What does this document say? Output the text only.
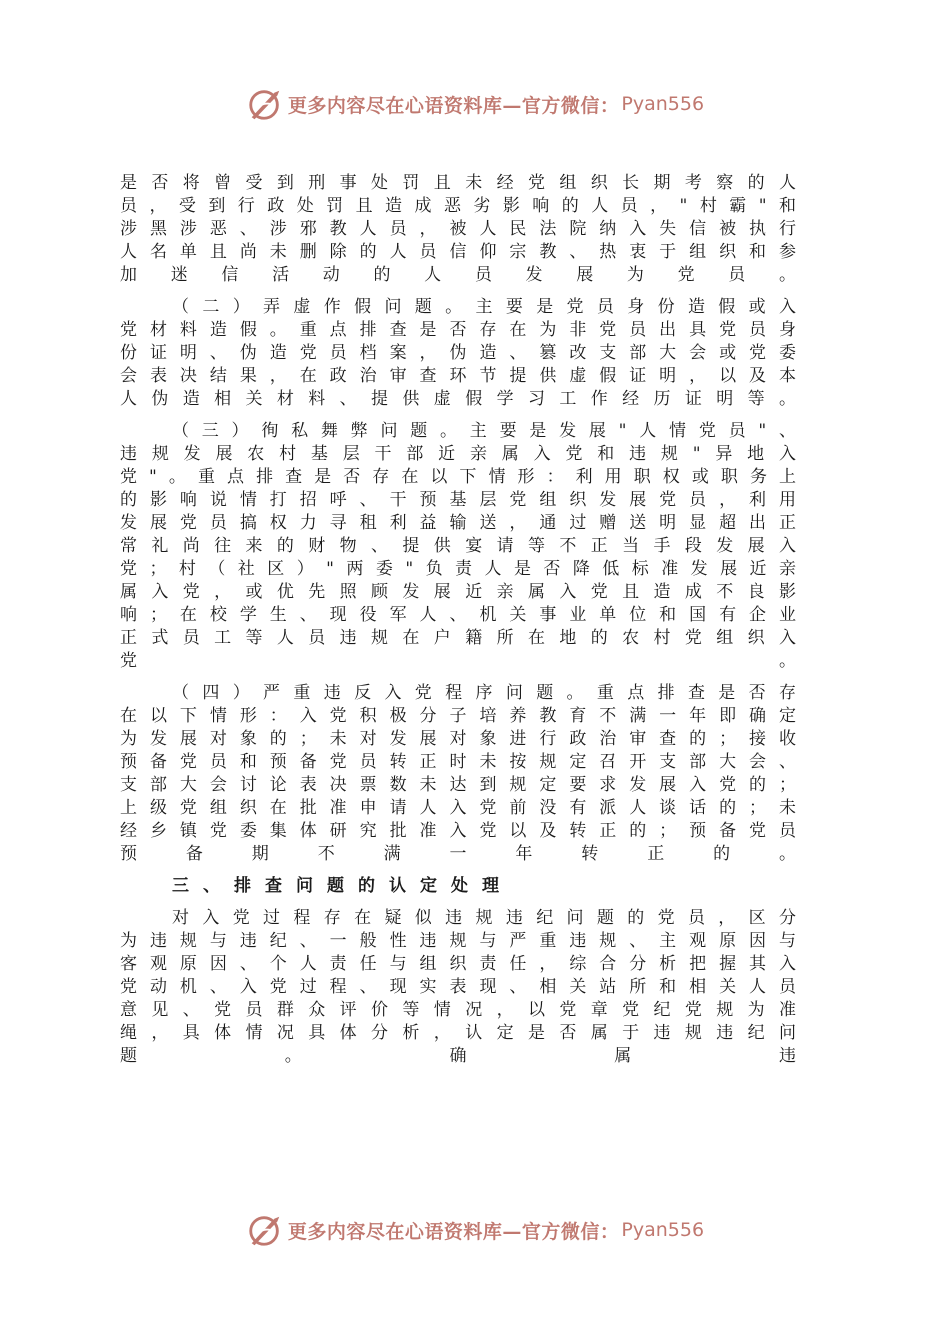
更多内容尽在心语资料库—官方微信： Pyan556

是否将曾受到刑事处罚且未经党组织长期考察的人员，受到行政处罚且造成恶劣影响的人员，"村霸"和涉黑涉恶、涉邪教人员，被人民法院纳入失信被执行人名单且尚未删除的人员信仰宗教、热衷于组织和参加迷信活动的人员发展为党员。

（二）弄虚作假问题。主要是党员身份造假或入党材料造假。重点排查是否存在为非党员出具党员身份证明、伪造党员档案，伪造、篡改支部大会或党委会表决结果，在政治审查环节提供虚假证明，以及本人伪造相关材料、提供虚假学习工作经历证明等。

（三）徇私舞弊问题。主要是发展"人情党员"、违规发展农村基层干部近亲属入党和违规"异地入党"。重点排查是否存在以下情形：利用职权或职务上的影响说情打招呼、干预基层党组织发展党员，利用发展党员搞权力寻租利益输送，通过赠送明显超出正常礼尚往来的财物、提供宴请等不正当手段发展入党；村（社区）"两委"负责人是否降低标准发展近亲属入党，或优先照顾发展近亲属入党且造成不良影响；在校学生、现役军人、机关事业单位和国有企业正式员工等人员违规在户籍所在地的农村党组织入党。

（四）严重违反入党程序问题。重点排查是否存在以下情形：入党积极分子培养教育不满一年即确定为发展对象的；未对发展对象进行政治审查的；接收预备党员和预备党员转正时未按规定召开支部大会、支部大会讨论表决票数未达到规定要求发展入党的；上级党组织在批准申请人入党前没有派人谈话的；未经乡镇党委集体研究批准入党以及转正的；预备党员预备期不满一年转正的。

三、排查问题的认定处理

对入党过程存在疑似违规违纪问题的党员，区分为违规与违纪、一般性违规与严重违规、主观原因与客观原因、个人责任与组织责任，综合分析把握其入党动机、入党过程、现实表现、相关站所和相关人员意见、党员群众评价等情况，以党章党纪党规为准绳，具体情况具体分析，认定是否属于违规违纪问题。确属违

更多内容尽在心语资料库—官方微信： Pyan556
